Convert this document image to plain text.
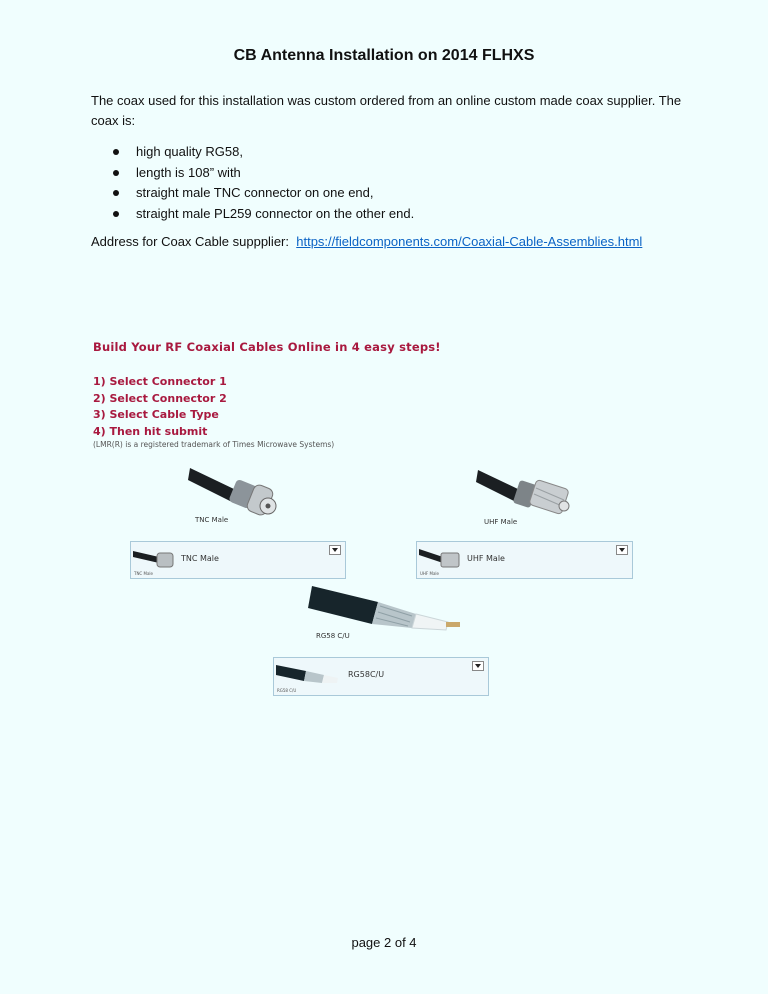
CB Antenna Installation on 2014 FLHXS
The coax used for this installation was custom ordered from an online custom made coax supplier. The coax is:
high quality RG58,
length is 108” with
straight male TNC connector on one end,
straight male PL259 connector on the other end.
Address for Coax Cable suppplier: https://fieldcomponents.com/Coaxial-Cable-Assemblies.html
Build Your RF Coaxial Cables Online in 4 easy steps!
1) Select Connector 1
2) Select Connector 2
3) Select Cable Type
4) Then hit submit
(LMR(R) is a registered trademark of Times Microwave Systems)
TNC Male	UHF Male
TNC Male
TNC Male
UHF Male
UHF Male
RG58 C/U
RG58 C/U
RG58C/U
page 2 of 4
